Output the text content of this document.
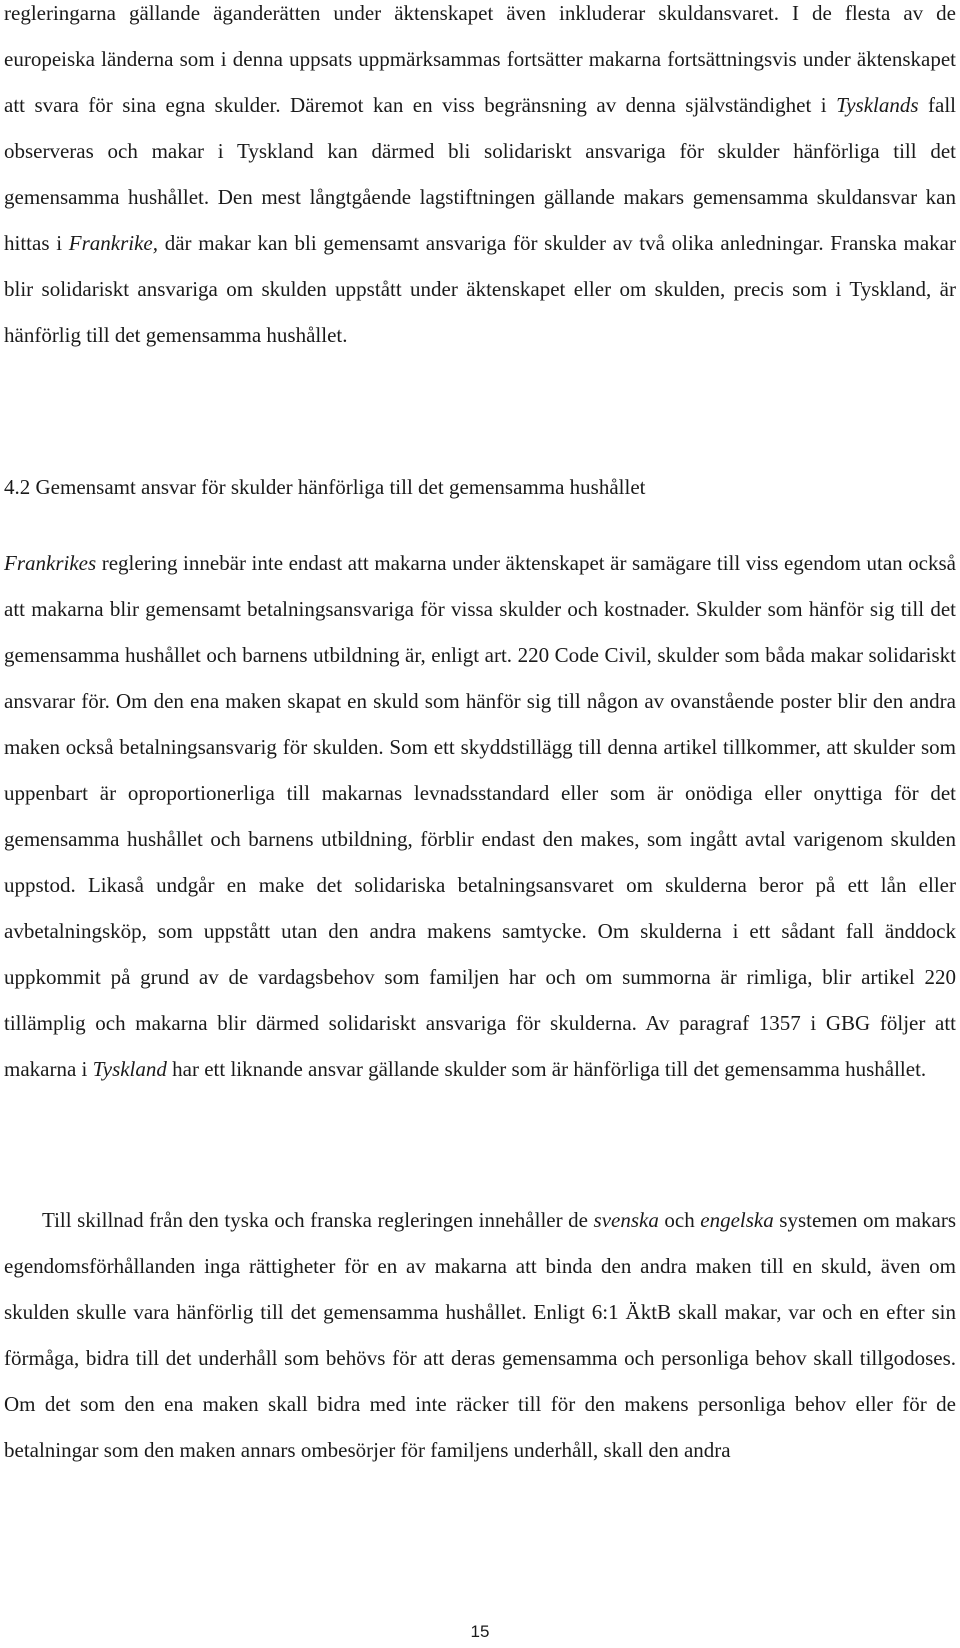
regleringarna gällande äganderätten under äktenskapet även inkluderar skuldansvaret. I de flesta av de europeiska länderna som i denna uppsats uppmärksammas fortsätter makarna fortsättningsvis under äktenskapet att svara för sina egna skulder. Däremot kan en viss begränsning av denna självständighet i Tysklands fall observeras och makar i Tyskland kan därmed bli solidariskt ansvariga för skulder hänförliga till det gemensamma hushållet. Den mest långtgående lagstiftningen gällande makars gemensamma skuldansvar kan hittas i Frankrike, där makar kan bli gemensamt ansvariga för skulder av två olika anledningar. Franska makar blir solidariskt ansvariga om skulden uppstått under äktenskapet eller om skulden, precis som i Tyskland, är hänförlig till det gemensamma hushållet.

4.2 Gemensamt ansvar för skulder hänförliga till det gemensamma hushållet

Frankrikes reglering innebär inte endast att makarna under äktenskapet är samägare till viss egendom utan också att makarna blir gemensamt betalningsansvariga för vissa skulder och kostnader. Skulder som hänför sig till det gemensamma hushållet och barnens utbildning är, enligt art. 220 Code Civil, skulder som båda makar solidariskt ansvarar för. Om den ena maken skapat en skuld som hänför sig till någon av ovanstående poster blir den andra maken också betalningsansvarig för skulden. Som ett skyddstillägg till denna artikel tillkommer, att skulder som uppenbart är oproportionerliga till makarnas levnadsstandard eller som är onödiga eller onyttiga för det gemensamma hushållet och barnens utbildning, förblir endast den makes, som ingått avtal varigenom skulden uppstod. Likaså undgår en make det solidariska betalningsansvaret om skulderna beror på ett lån eller avbetalningsköp, som uppstått utan den andra makens samtycke. Om skulderna i ett sådant fall änddock uppkommit på grund av de vardagsbehov som familjen har och om summorna är rimliga, blir artikel 220 tillämplig och makarna blir därmed solidariskt ansvariga för skulderna. Av paragraf 1357 i GBG följer att makarna i Tyskland har ett liknande ansvar gällande skulder som är hänförliga till det gemensamma hushållet.

Till skillnad från den tyska och franska regleringen innehåller de svenska och engelska systemen om makars egendomsförhållanden inga rättigheter för en av makarna att binda den andra maken till en skuld, även om skulden skulle vara hänförlig till det gemensamma hushållet. Enligt 6:1 ÄktB skall makar, var och en efter sin förmåga, bidra till det underhåll som behövs för att deras gemensamma och personliga behov skall tillgodoses. Om det som den ena maken skall bidra med inte räcker till för den makens personliga behov eller för de betalningar som den maken annars ombesörjer för familjens underhåll, skall den andra

15
